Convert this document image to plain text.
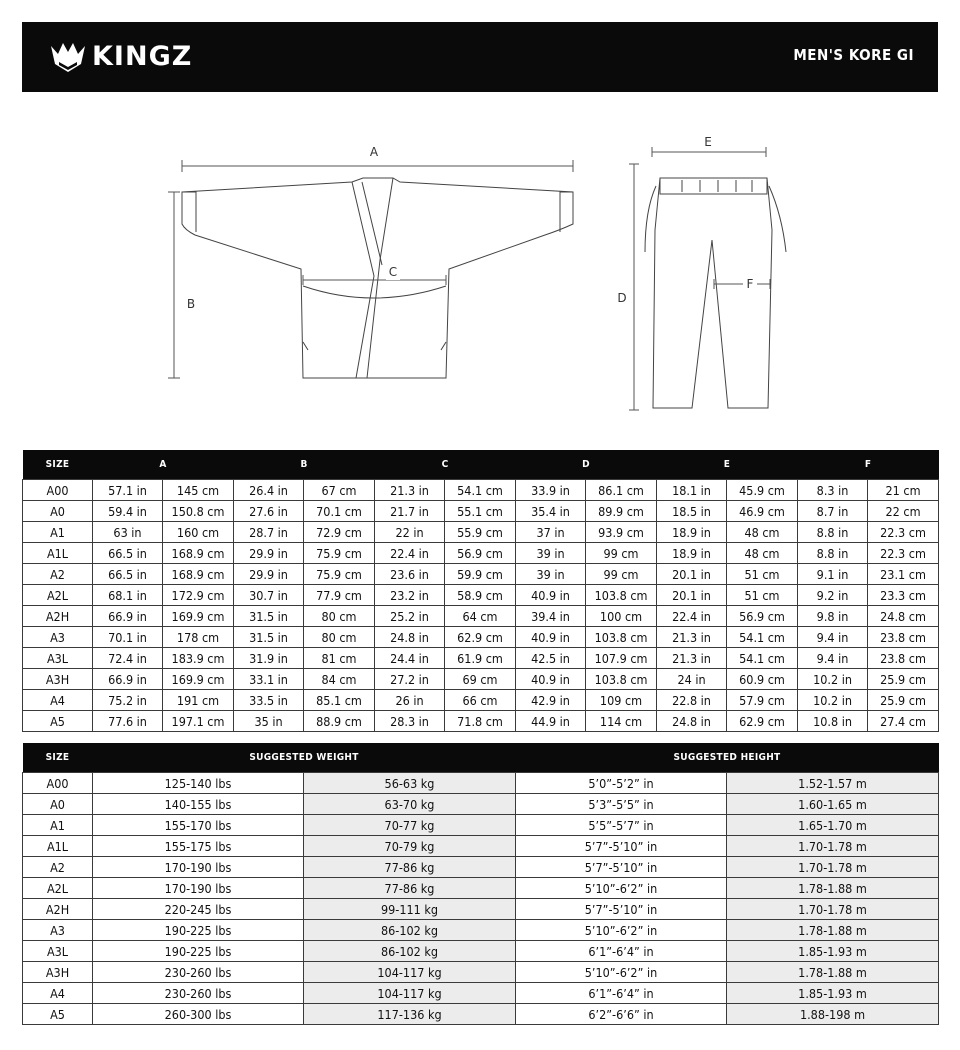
KINGZ	MEN'S KORE GI
A
B
C
D
E
F
SIZE	A		B		C		D		E		F	
A00	57.1 in	145 cm	26.4 in	67 cm	21.3 in	54.1 cm	33.9 in	86.1 cm	18.1 in	45.9 cm	8.3 in	21 cm
A0	59.4 in	150.8 cm	27.6 in	70.1 cm	21.7 in	55.1 cm	35.4 in	89.9 cm	18.5 in	46.9 cm	8.7 in	22 cm
A1	63 in	160 cm	28.7 in	72.9 cm	22 in	55.9 cm	37 in	93.9 cm	18.9 in	48 cm	8.8 in	22.3 cm
A1L	66.5 in	168.9 cm	29.9 in	75.9 cm	22.4 in	56.9 cm	39 in	99 cm	18.9 in	48 cm	8.8 in	22.3 cm
A2	66.5 in	168.9 cm	29.9 in	75.9 cm	23.6 in	59.9 cm	39 in	99 cm	20.1 in	51 cm	9.1 in	23.1 cm
A2L	68.1 in	172.9 cm	30.7 in	77.9 cm	23.2 in	58.9 cm	40.9 in	103.8 cm	20.1 in	51 cm	9.2 in	23.3 cm
A2H	66.9 in	169.9 cm	31.5 in	80 cm	25.2 in	64 cm	39.4 in	100 cm	22.4 in	56.9 cm	9.8 in	24.8 cm
A3	70.1 in	178 cm	31.5 in	80 cm	24.8 in	62.9 cm	40.9 in	103.8 cm	21.3 in	54.1 cm	9.4 in	23.8 cm
A3L	72.4 in	183.9 cm	31.9 in	81 cm	24.4 in	61.9 cm	42.5 in	107.9 cm	21.3 in	54.1 cm	9.4 in	23.8 cm
A3H	66.9 in	169.9 cm	33.1 in	84 cm	27.2 in	69 cm	40.9 in	103.8 cm	24 in	60.9 cm	10.2 in	25.9 cm
A4	75.2 in	191 cm	33.5 in	85.1 cm	26 in	66 cm	42.9 in	109 cm	22.8 in	57.9 cm	10.2 in	25.9 cm
A5	77.6 in	197.1 cm	35 in	88.9 cm	28.3 in	71.8 cm	44.9 in	114 cm	24.8 in	62.9 cm	10.8 in	27.4 cm
SIZE	SUGGESTED WEIGHT		SUGGESTED HEIGHT	
A00	125-140 lbs	56-63 kg	5’0”-5’2” in	1.52-1.57 m
A0	140-155 lbs	63-70 kg	5’3”-5’5” in	1.60-1.65 m
A1	155-170 lbs	70-77 kg	5’5”-5’7” in	1.65-1.70 m
A1L	155-175 lbs	70-79 kg	5’7”-5’10” in	1.70-1.78 m
A2	170-190 lbs	77-86 kg	5’7”-5’10” in	1.70-1.78 m
A2L	170-190 lbs	77-86 kg	5’10”-6’2” in	1.78-1.88 m
A2H	220-245 lbs	99-111 kg	5’7”-5’10” in	1.70-1.78 m
A3	190-225 lbs	86-102 kg	5’10”-6’2” in	1.78-1.88 m
A3L	190-225 lbs	86-102 kg	6’1”-6’4” in	1.85-1.93 m
A3H	230-260 lbs	104-117 kg	5’10”-6’2” in	1.78-1.88 m
A4	230-260 lbs	104-117 kg	6’1”-6’4” in	1.85-1.93 m
A5	260-300 lbs	117-136 kg	6’2”-6’6” in	1.88-198 m
